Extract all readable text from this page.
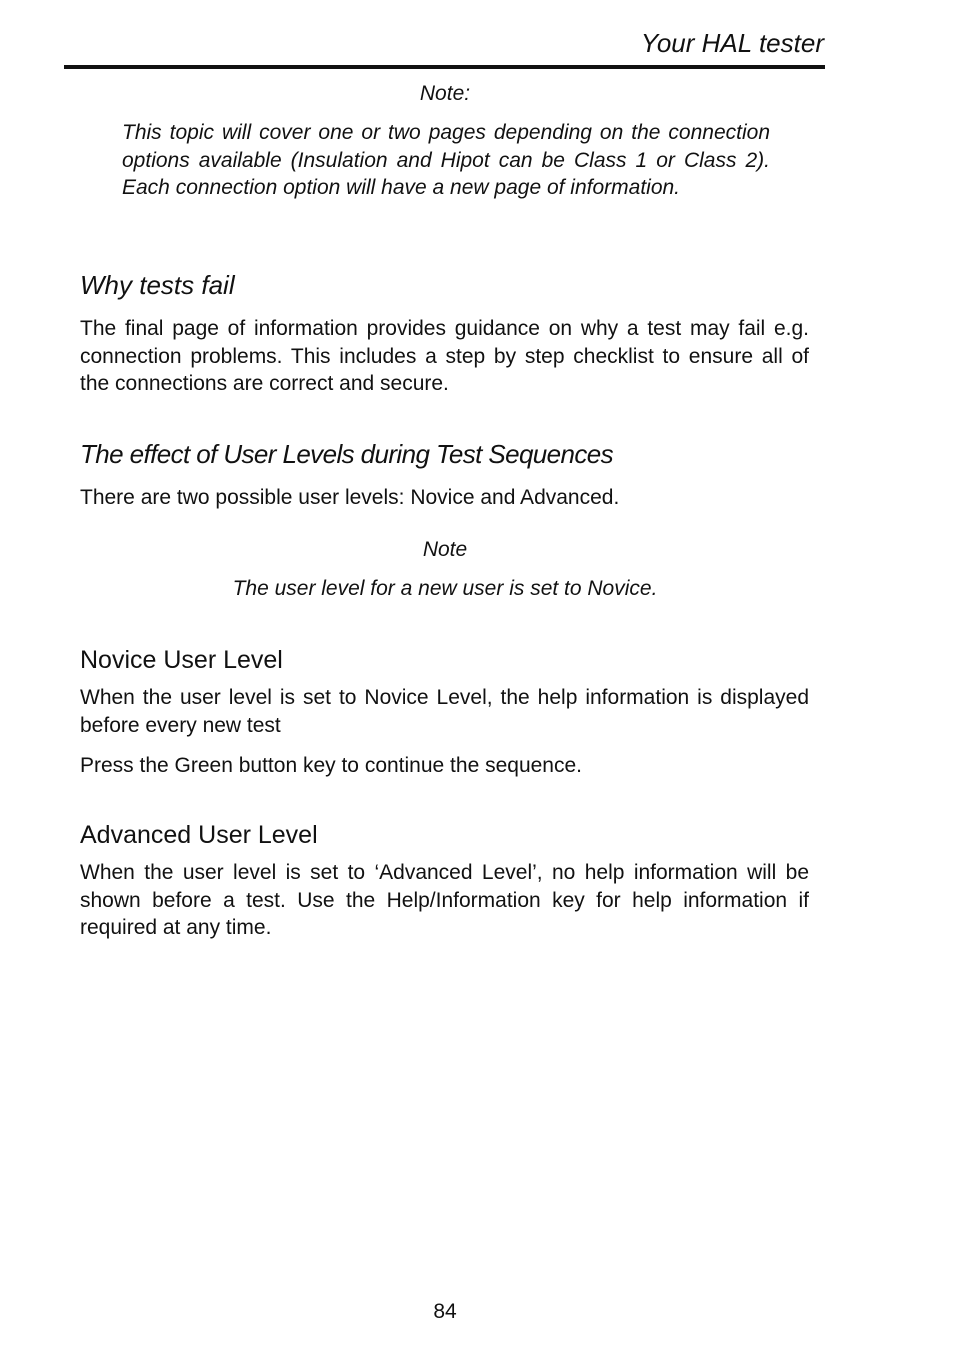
Your HAL tester
Note:
This topic will cover one or two pages depending on the connection options available (Insulation and Hipot can be Class 1 or Class 2). Each connection option will have a new page of information.
Why tests fail
The final page of information provides guidance on why a test may fail e.g. connection problems. This includes a step by step checklist to ensure all of the connections are correct and secure.
The effect of User Levels during Test Sequences
There are two possible user levels: Novice and Advanced.
Note
The user level for a new user is set to Novice.
Novice User Level
When the user level is set to Novice Level, the help information is displayed before every new test
Press the Green button key to continue the sequence.
Advanced User Level
When the user level is set to ‘Advanced Level’, no help information will be shown before a test. Use the Help/Information key for help information if required at any time.
84
